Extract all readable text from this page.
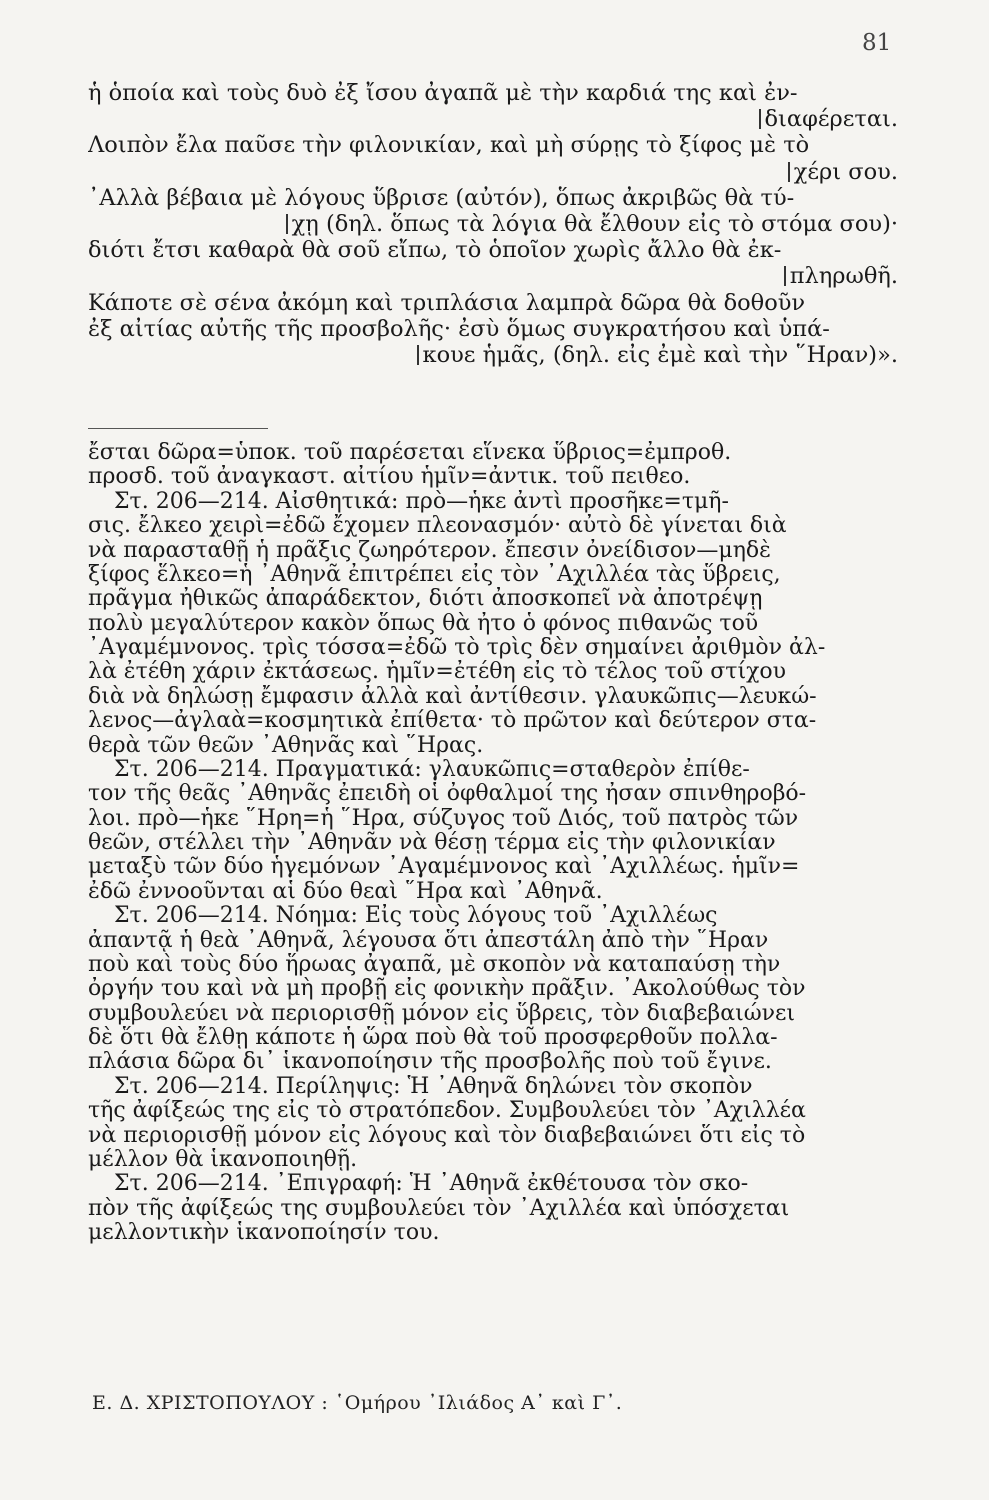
81
ἡ ὁποία καὶ τοὺς δυὸ ἐξ ἴσου ἀγαπᾶ μὲ τὴν καρδιά της καὶ ἐν-
διαφέρεται.
Λοιπὸν ἔλα παῦσε τὴν φιλονικίαν, καὶ μὴ σύρῃς τὸ ξίφος μὲ τὸ
χέρι σου.
᾿Αλλὰ βέβαια μὲ λόγους ὕβρισε (αὐτόν), ὅπως ἀκριβῶς θὰ τύ-
χῃ (δηλ. ὅπως τὰ λόγια θὰ ἔλθουν εἰς τὸ στόμα σου)·
διότι ἔτσι καθαρὰ θὰ σοῦ εἴπω, τὸ ὁποῖον χωρὶς ἄλλο θὰ ἐκ-
πληρωθῆ.
Κάποτε σὲ σένα ἀκόμη καὶ τριπλάσια λαμπρὰ δῶρα θὰ δοθοῦν
ἐξ αἰτίας αὐτῆς τῆς προσβολῆς· ἐσὺ ὅμως συγκρατήσου καὶ ὑπά-
κουε ἡμᾶς, (δηλ. εἰς ἐμὲ καὶ τὴν ῞Ηραν)».
ἔσται δῶρα=ὑποκ. τοῦ παρέσεται εἵνεκα ὕβριος=ἐμπροθ.
προσδ. τοῦ ἀναγκαστ. αἰτίου ἡμῖν=ἀντικ. τοῦ πειθεο.
Στ. 206—214. Αἰσθητικά: πρὸ—ἧκε ἀντὶ προσῆκε=τμῆ-
σις. ἔλκεο χειρὶ=ἐδῶ ἔχομεν πλεονασμόν· αὐτὸ δὲ γίνεται διὰ
νὰ παρασταθῇ ἡ πρᾶξις ζωηρότερον. ἔπεσιν ὀνείδισον—μηδὲ
ξίφος ἕλκεο=ἡ ᾿Αθηνᾶ ἐπιτρέπει εἰς τὸν ᾿Αχιλλέα τὰς ὕβρεις,
πρᾶγμα ἠθικῶς ἀπαράδεκτον, διότι ἀποσκοπεῖ νὰ ἀποτρέψῃ
πολὺ μεγαλύτερον κακὸν ὅπως θὰ ἦτο ὁ φόνος πιθανῶς τοῦ
᾿Αγαμέμνονος. τρὶς τόσσα=ἐδῶ τὸ τρὶς δὲν σημαίνει ἀριθμὸν ἀλ-
λὰ ἐτέθη χάριν ἐκτάσεως. ἡμῖν=ἐτέθη εἰς τὸ τέλος τοῦ στίχου
διὰ νὰ δηλώσῃ ἔμφασιν ἀλλὰ καὶ ἀντίθεσιν. γλαυκῶπις—λευκώ-
λενος—ἀγλαὰ=κοσμητικὰ ἐπίθετα· τὸ πρῶτον καὶ δεύτερον στα-
θερὰ τῶν θεῶν ᾿Αθηνᾶς καὶ ῞Ηρας.
Στ. 206—214. Πραγματικά: γλαυκῶπις=σταθερὸν ἐπίθε-
τον τῆς θεᾶς ᾿Αθηνᾶς ἐπειδὴ οἱ ὀφθαλμοί της ἦσαν σπινθηροβό-
λοι. πρὸ—ἧκε ῞Ηρη=ἡ ῞Ηρα, σύζυγος τοῦ Διός, τοῦ πατρὸς τῶν
θεῶν, στέλλει τὴν ᾿Αθηνᾶν νὰ θέσῃ τέρμα εἰς τὴν φιλονικίαν
μεταξὺ τῶν δύο ἡγεμόνων ᾿Αγαμέμνονος καὶ ᾿Αχιλλέως. ἡμῖν=
ἐδῶ ἐννοοῦνται αἱ δύο θεαὶ ῞Ηρα καὶ ᾿Αθηνᾶ.
Στ. 206—214. Νόημα: Εἰς τοὺς λόγους τοῦ ᾿Αχιλλέως
ἀπαντᾷ ἡ θεὰ ᾿Αθηνᾶ, λέγουσα ὅτι ἀπεστάλη ἀπὸ τὴν ῞Ηραν
ποὺ καὶ τοὺς δύο ἥρωας ἀγαπᾶ, μὲ σκοπὸν νὰ καταπαύσῃ τὴν
ὀργήν του καὶ νὰ μὴ προβῇ εἰς φονικὴν πρᾶξιν. ᾿Ακολούθως τὸν
συμβουλεύει νὰ περιορισθῇ μόνον εἰς ὕβρεις, τὸν διαβεβαιώνει
δὲ ὅτι θὰ ἔλθῃ κάποτε ἡ ὥρα ποὺ θὰ τοῦ προσφερθοῦν πολλα-
πλάσια δῶρα δι᾿ ἱκανοποίησιν τῆς προσβολῆς ποὺ τοῦ ἔγινε.
Στ. 206—214. Περίληψις: Ἡ ᾿Αθηνᾶ δηλώνει τὸν σκοπὸν
τῆς ἀφίξεώς της εἰς τὸ στρατόπεδον. Συμβουλεύει τὸν ᾿Αχιλλέα
νὰ περιορισθῇ μόνον εἰς λόγους καὶ τὸν διαβεβαιώνει ὅτι εἰς τὸ
μέλλον θὰ ἱκανοποιηθῇ.
Στ. 206—214. ᾿Επιγραφή: Ἡ ᾿Αθηνᾶ ἐκθέτουσα τὸν σκο-
πὸν τῆς ἀφίξεώς της συμβουλεύει τὸν ᾿Αχιλλέα καὶ ὑπόσχεται
μελλοντικὴν ἱκανοποίησίν του.
Ε. Δ. ΧΡΙΣΤΟΠΟΥΛΟΥ : ῾Ομήρου ᾿Ιλιάδος Α᾿ καὶ Γ᾿.
